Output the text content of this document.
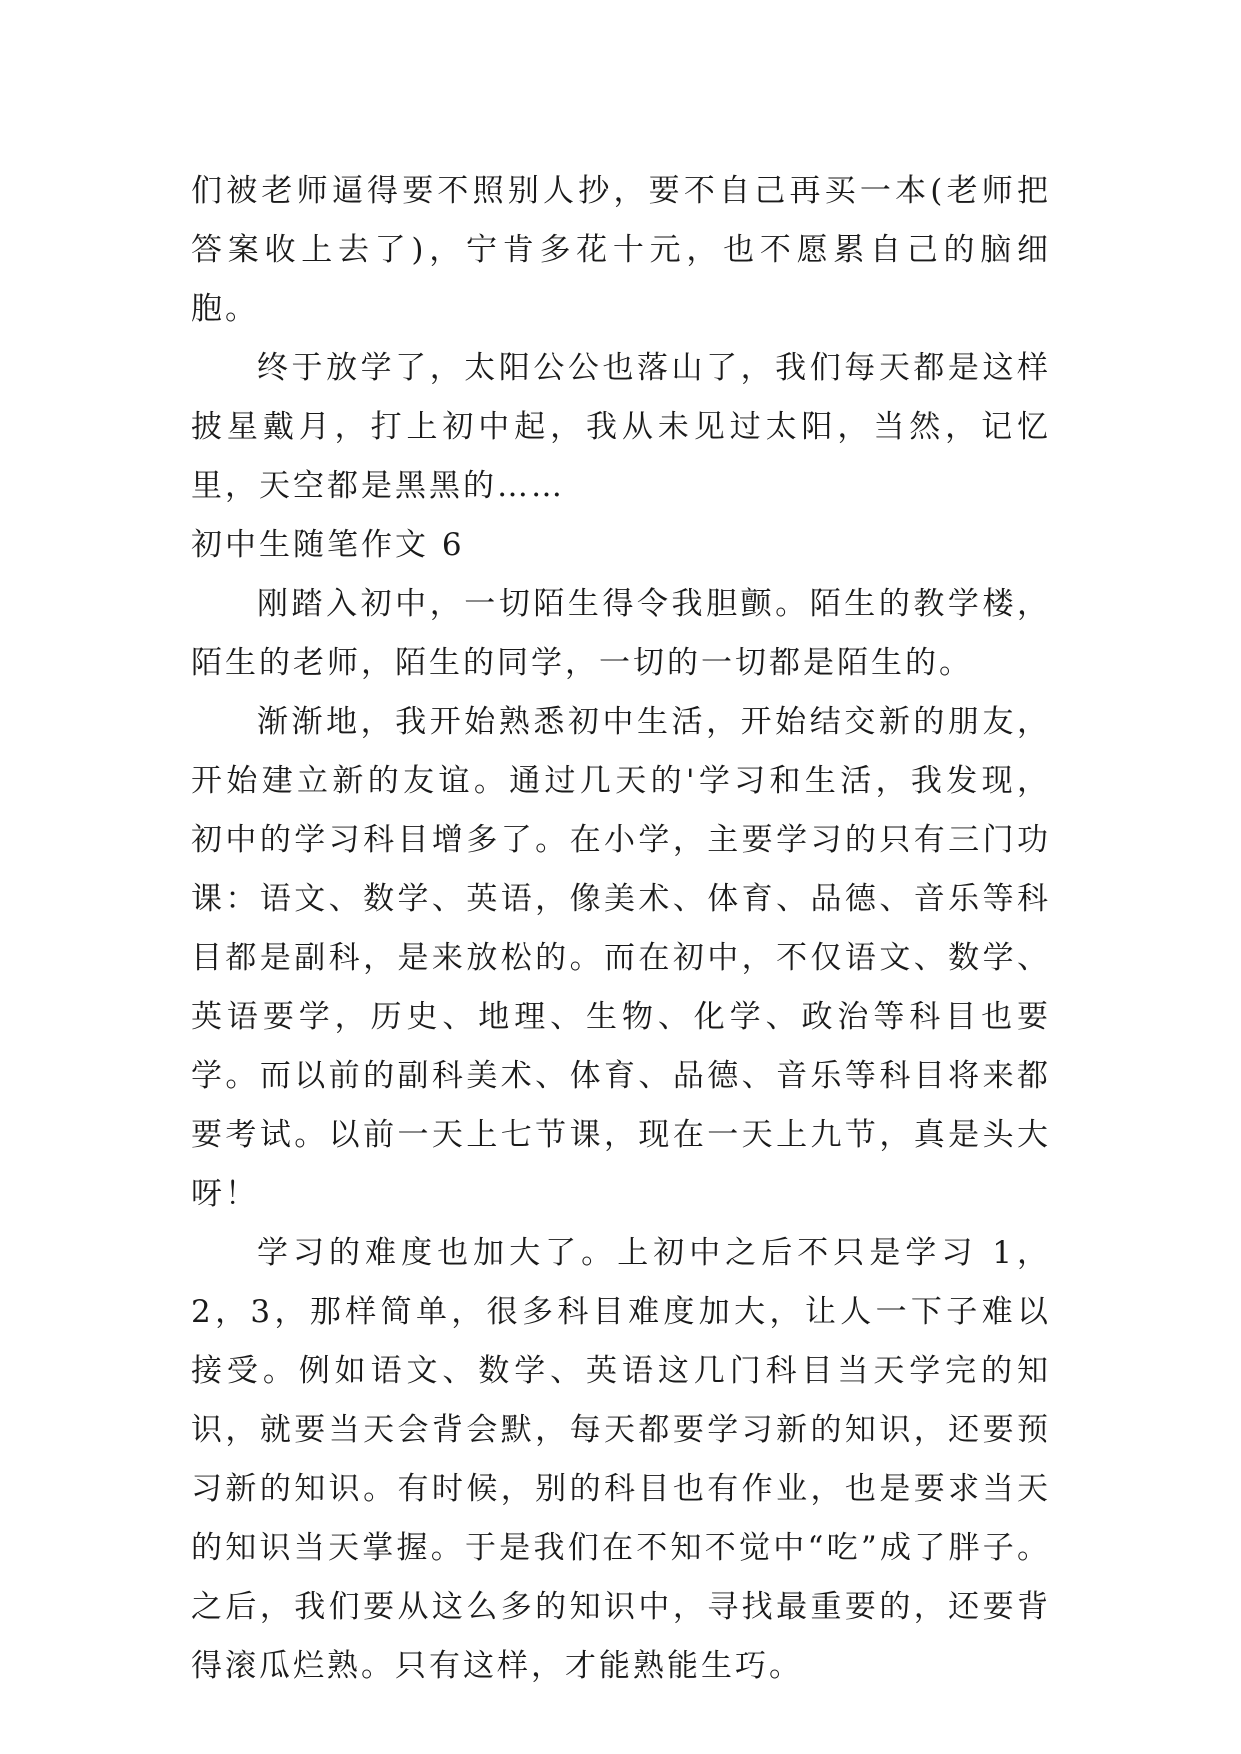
们被老师逼得要不照别人抄，要不自己再买一本(老师把答案收上去了)，宁肯多花十元，也不愿累自己的脑细胞。

终于放学了，太阳公公也落山了，我们每天都是这样披星戴月，打上初中起，我从未见过太阳，当然，记忆里，天空都是黑黑的……

初中生随笔作文 6

刚踏入初中，一切陌生得令我胆颤。陌生的教学楼，陌生的老师，陌生的同学，一切的一切都是陌生的。

渐渐地，我开始熟悉初中生活，开始结交新的朋友，开始建立新的友谊。通过几天的'学习和生活，我发现，初中的学习科目增多了。在小学，主要学习的只有三门功课：语文、数学、英语，像美术、体育、品德、音乐等科目都是副科，是来放松的。而在初中，不仅语文、数学、英语要学，历史、地理、生物、化学、政治等科目也要学。而以前的副科美术、体育、品德、音乐等科目将来都要考试。以前一天上七节课，现在一天上九节，真是头大呀！

学习的难度也加大了。上初中之后不只是学习 1，2，3，那样简单，很多科目难度加大，让人一下子难以接受。例如语文、数学、英语这几门科目当天学完的知识，就要当天会背会默，每天都要学习新的知识，还要预习新的知识。有时候，别的科目也有作业，也是要求当天的知识当天掌握。于是我们在不知不觉中“吃”成了胖子。之后，我们要从这么多的知识中，寻找最重要的，还要背得滚瓜烂熟。只有这样，才能熟能生巧。
